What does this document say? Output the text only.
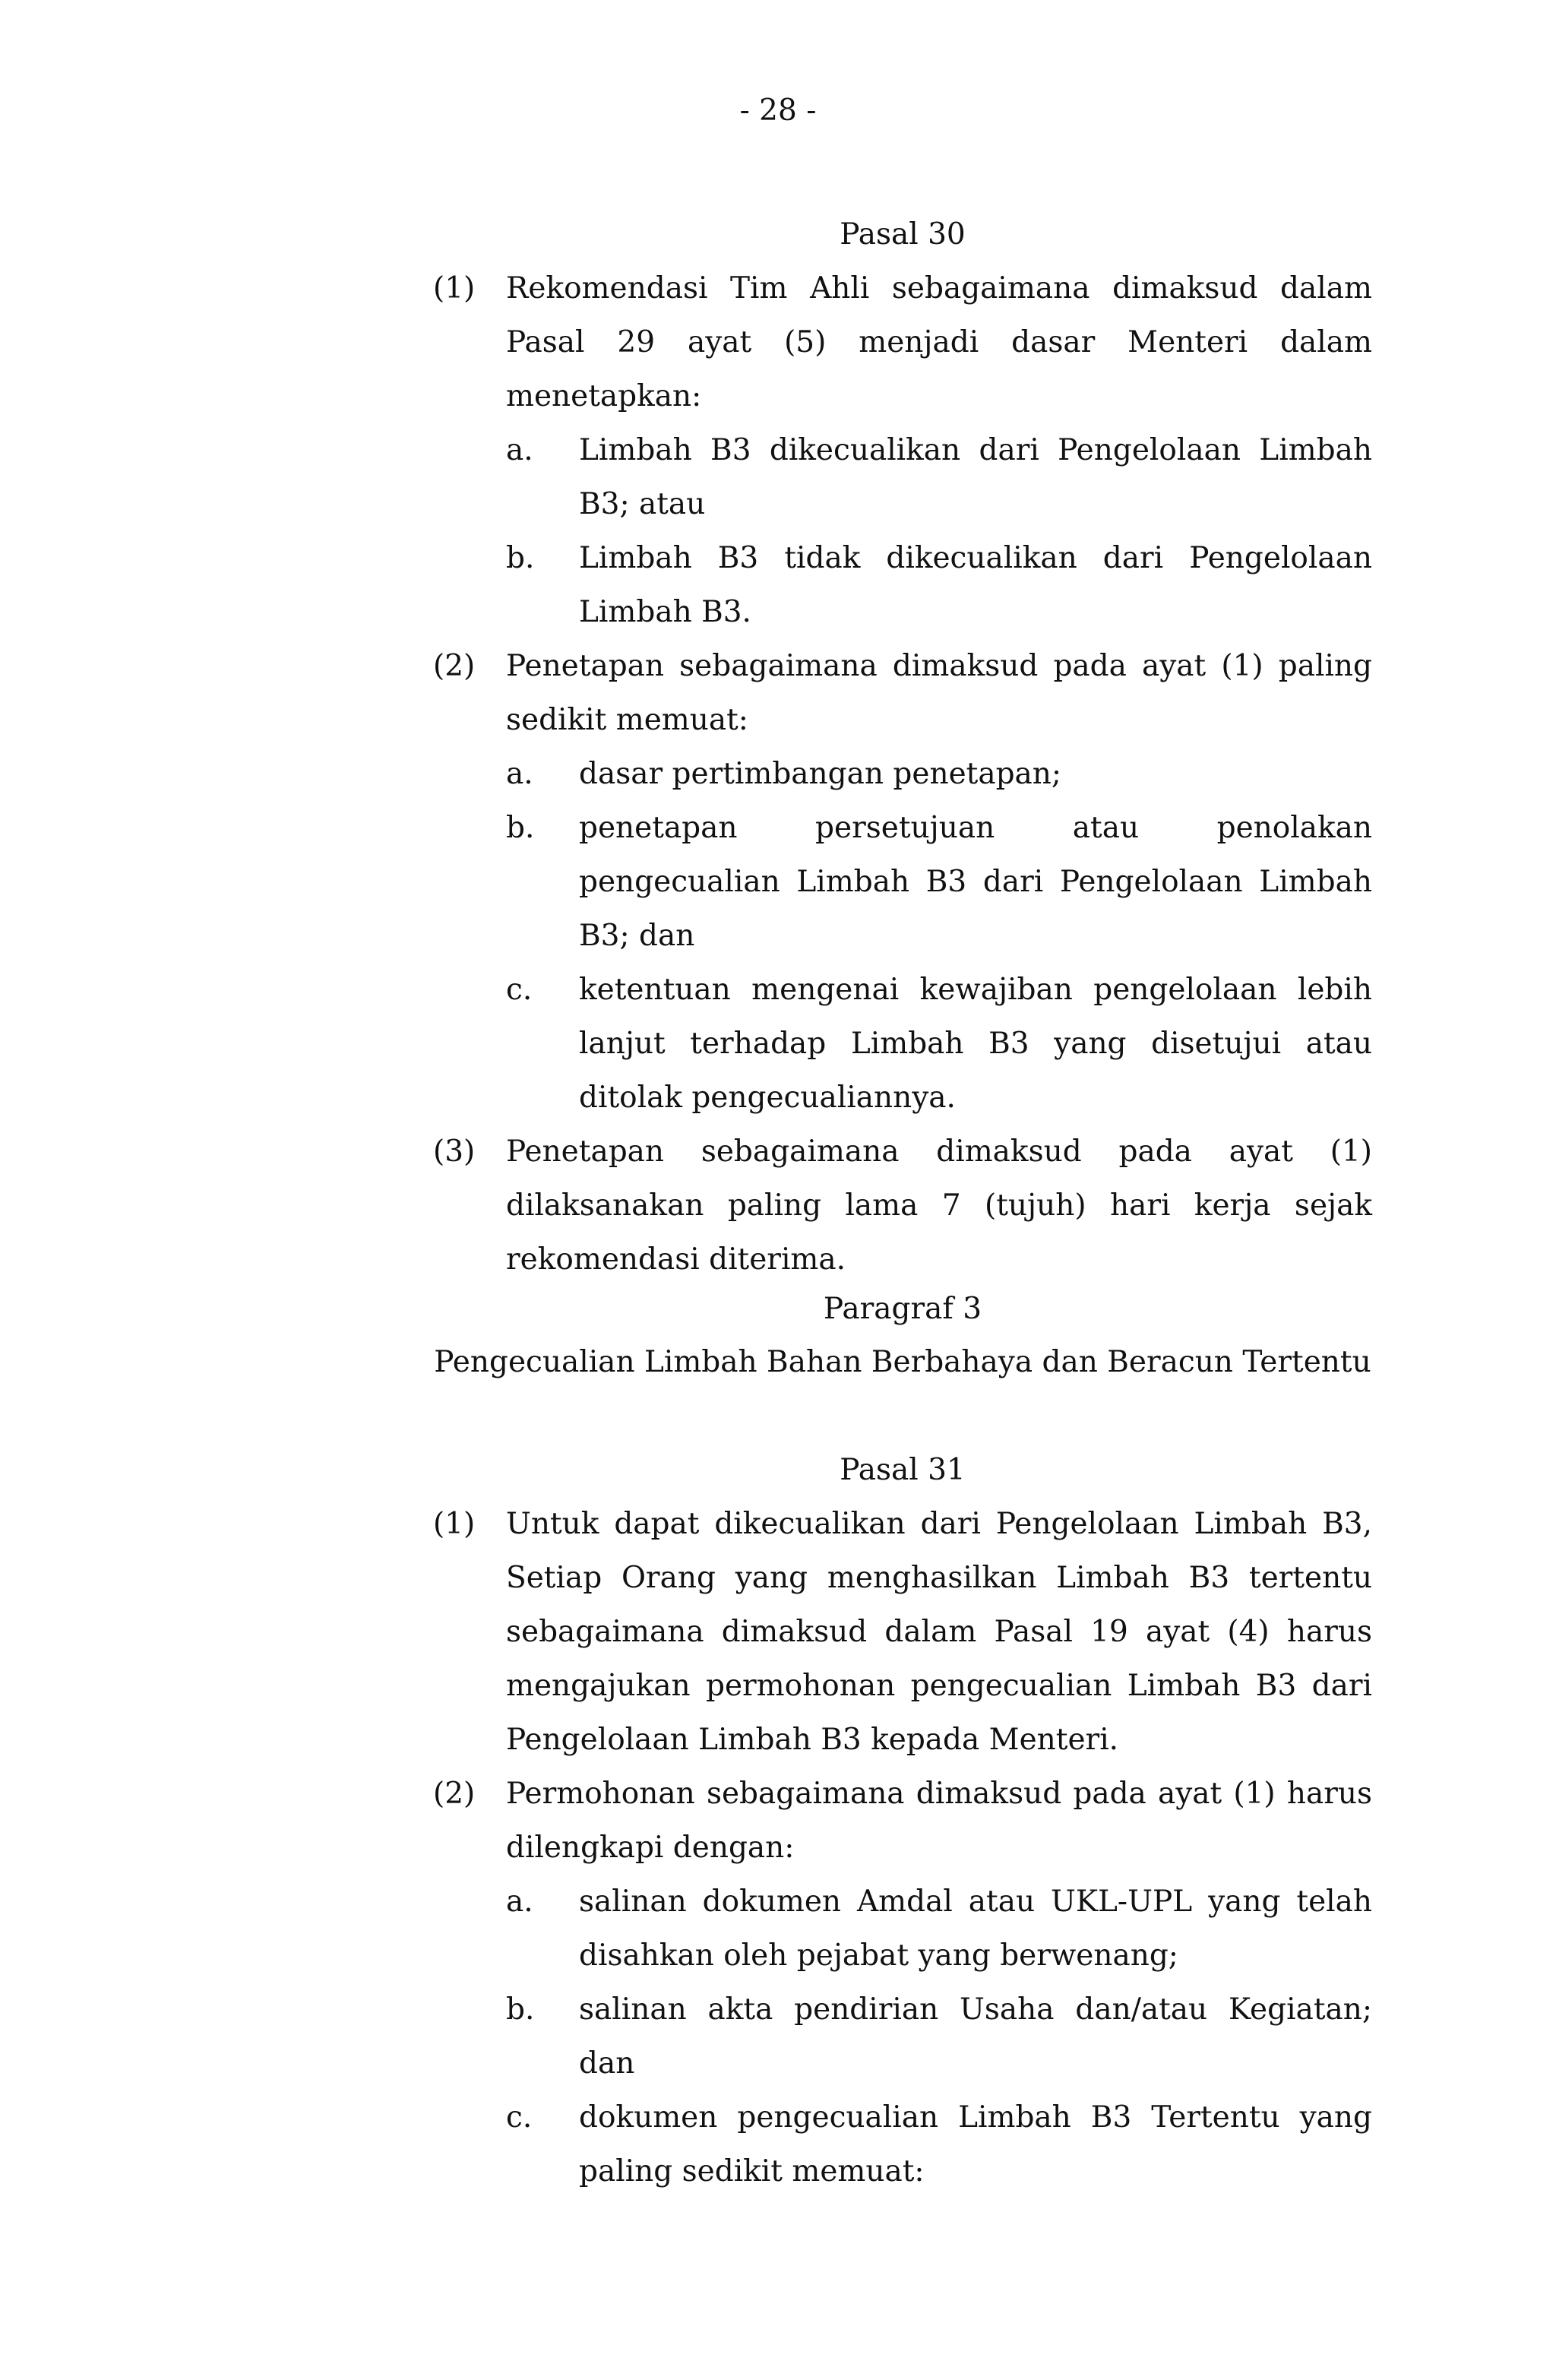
- 28 -

Pasal 30

(1)	Rekomendasi Tim Ahli sebagaimana dimaksud dalam Pasal 29 ayat (5) menjadi dasar Menteri dalam menetapkan:

a.	Limbah B3 dikecualikan dari Pengelolaan Limbah B3; atau
b.	Limbah B3 tidak dikecualikan dari Pengelolaan Limbah B3.
(2)	Penetapan sebagaimana dimaksud pada ayat (1) paling sedikit memuat:

a.	dasar pertimbangan penetapan;
b.	penetapan persetujuan atau penolakan pengecualian Limbah B3 dari Pengelolaan Limbah B3; dan
c.	ketentuan mengenai kewajiban pengelolaan lebih lanjut terhadap Limbah B3 yang disetujui atau ditolak pengecualiannya.
(3)	Penetapan sebagaimana dimaksud pada ayat (1) dilaksanakan paling lama 7 (tujuh) hari kerja sejak rekomendasi diterima.

Paragraf 3

Pengecualian Limbah Bahan Berbahaya dan Beracun Tertentu

Pasal 31

(1)	Untuk dapat dikecualikan dari Pengelolaan Limbah B3, Setiap Orang yang menghasilkan Limbah B3 tertentu sebagaimana dimaksud dalam Pasal 19 ayat (4) harus mengajukan permohonan pengecualian Limbah B3 dari Pengelolaan Limbah B3 kepada Menteri.

(2)	Permohonan sebagaimana dimaksud pada ayat (1) harus dilengkapi dengan:

a.	salinan dokumen Amdal atau UKL-UPL yang telah disahkan oleh pejabat yang berwenang;
b.	salinan akta pendirian Usaha dan/atau Kegiatan; dan
c.	dokumen pengecualian Limbah B3 Tertentu yang paling sedikit memuat:
